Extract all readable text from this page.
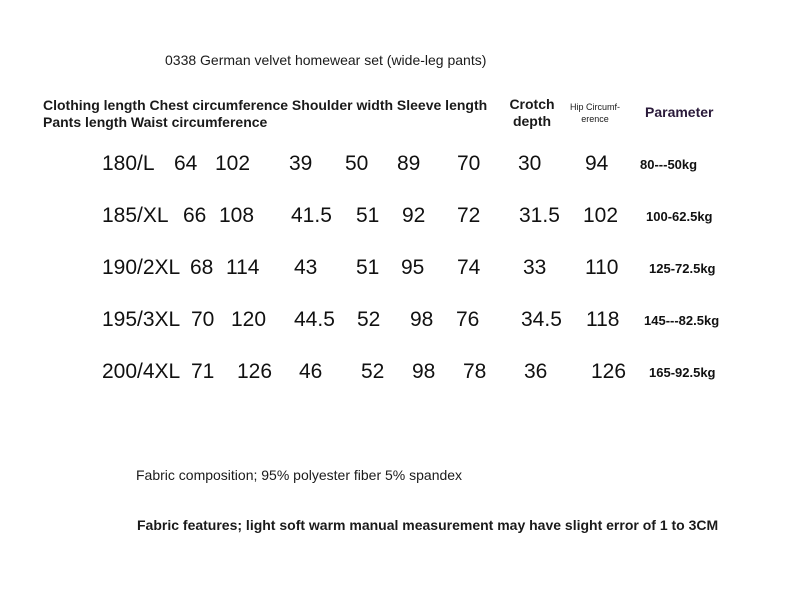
0338 German velvet homewear set (wide-leg pants)
Clothing length Chest circumference Shoulder width Sleeve length
Pants length Waist circumference
Crotch
depth
Hip Circumf-
erence	Parameter
180/L 64 102 39 50 89 70 30 94 80---50kg
185/XL 66 108 41.5 51 92 72 31.5 102 100-62.5kg
190/2XL 68 114 43 51 95 74 33 110 125-72.5kg
195/3XL 70 120 44.5 52 98 76 34.5 118 145---82.5kg
200/4XL 71 126 46 52 98 78 36 126 165-92.5kg
Fabric composition; 95% polyester fiber 5% spandex
Fabric features; light soft warm manual measurement may have slight error of 1 to 3CM
